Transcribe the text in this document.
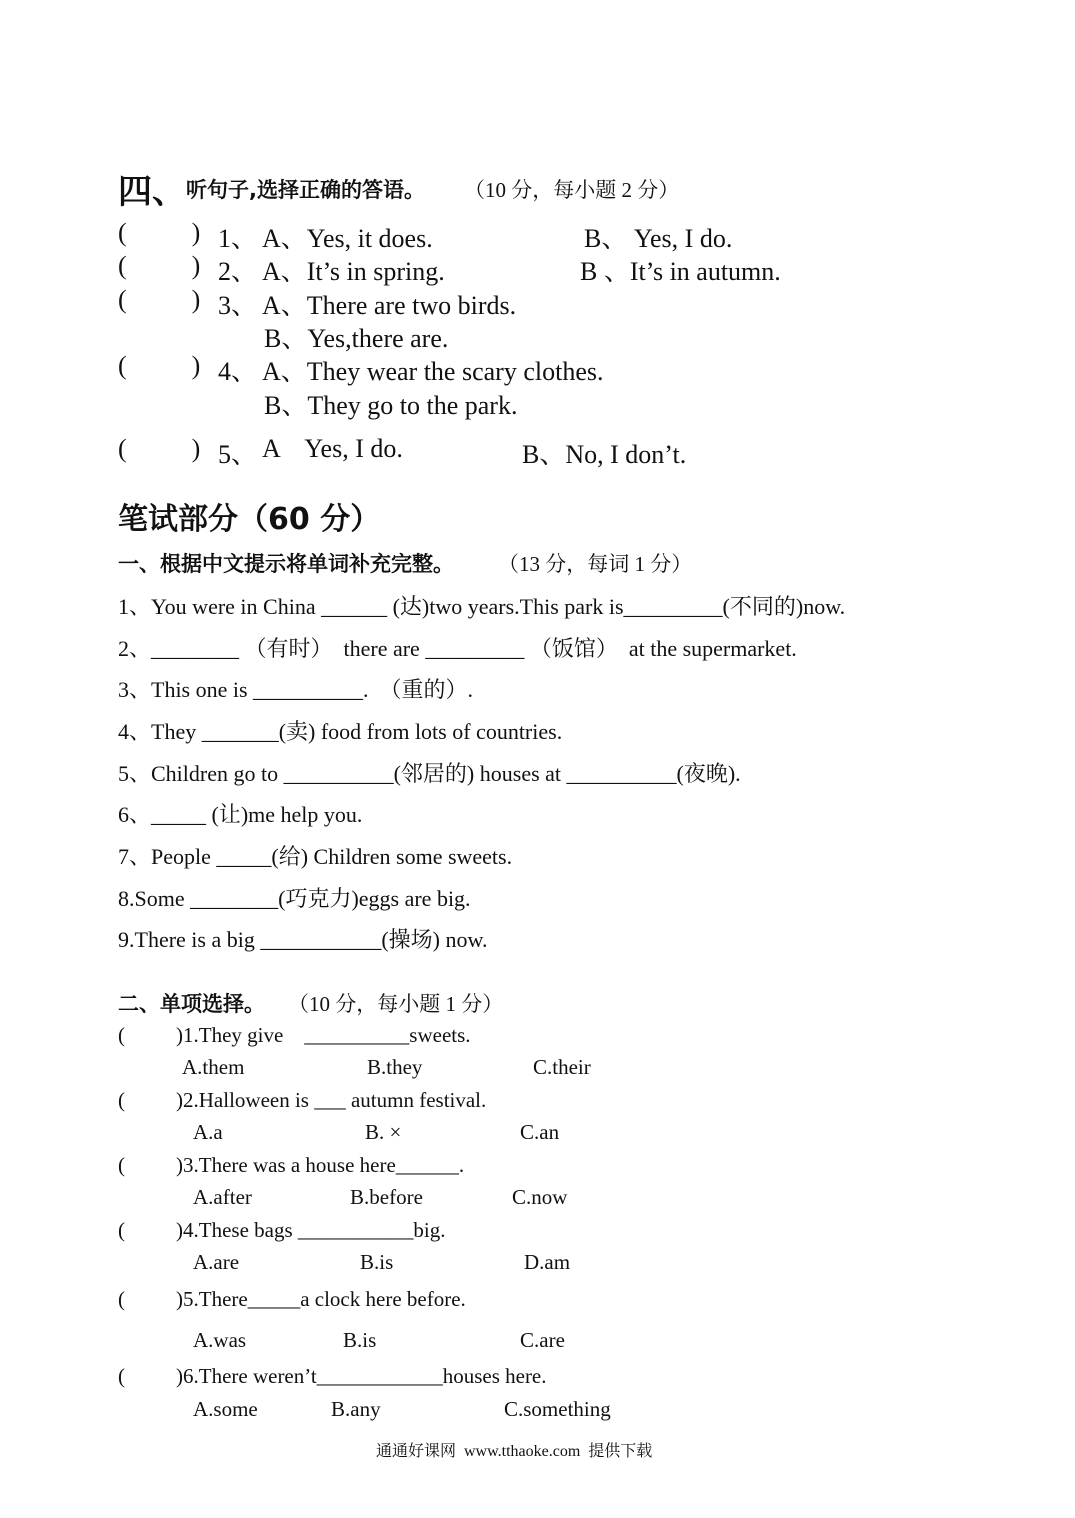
四、 听句子,选择正确的答语。 （10 分，每小题 2 分）
(          ) 1、 A、Yes, it does.	B、 Yes, I do.
(          ) 2、 A、It’s in spring.	B 、It’s in autumn.
(          ) 3、 A、There are two birds.
B、Yes,there are.
(          ) 4、 A、They wear the scary clothes.
B、They go to the park.
(          ) 5、 A    Yes, I do.	B、No, I don’t.
笔试部分（60 分）
一、根据中文提示将单词补充完整。 （13 分，每词 1 分）
1、You were in China ______ (达)two years.This park is_________(不同的)now.
2、________ （有时）  there are _________ （饭馆）  at the supermarket.
3、This one is __________.  （重的）.
4、They _______(卖) food from lots of countries.
5、Children go to __________(邻居的) houses at __________(夜晚).
6、_____ (让)me help you.
7、People _____(给) Children some sweets.
8.Some ________(巧克力)eggs are big.
9.There is a big ___________(操场) now.
二、单项选择。 （10 分，每小题 1 分）
( )1.They give    __________sweets.
A.them	B.they	C.their
( )2.Halloween is ___ autumn festival.
A.a	B. ×	C.an
( )3.There was a house here______.
A.after	B.before	C.now
( )4.These bags ___________big.
A.are	B.is	D.am
( )5.There_____a clock here before.
A.was	B.is	C.are
( )6.There weren’t____________houses here.
A.some	B.any	C.something
通通好课网  www.tthaoke.com  提供下载
